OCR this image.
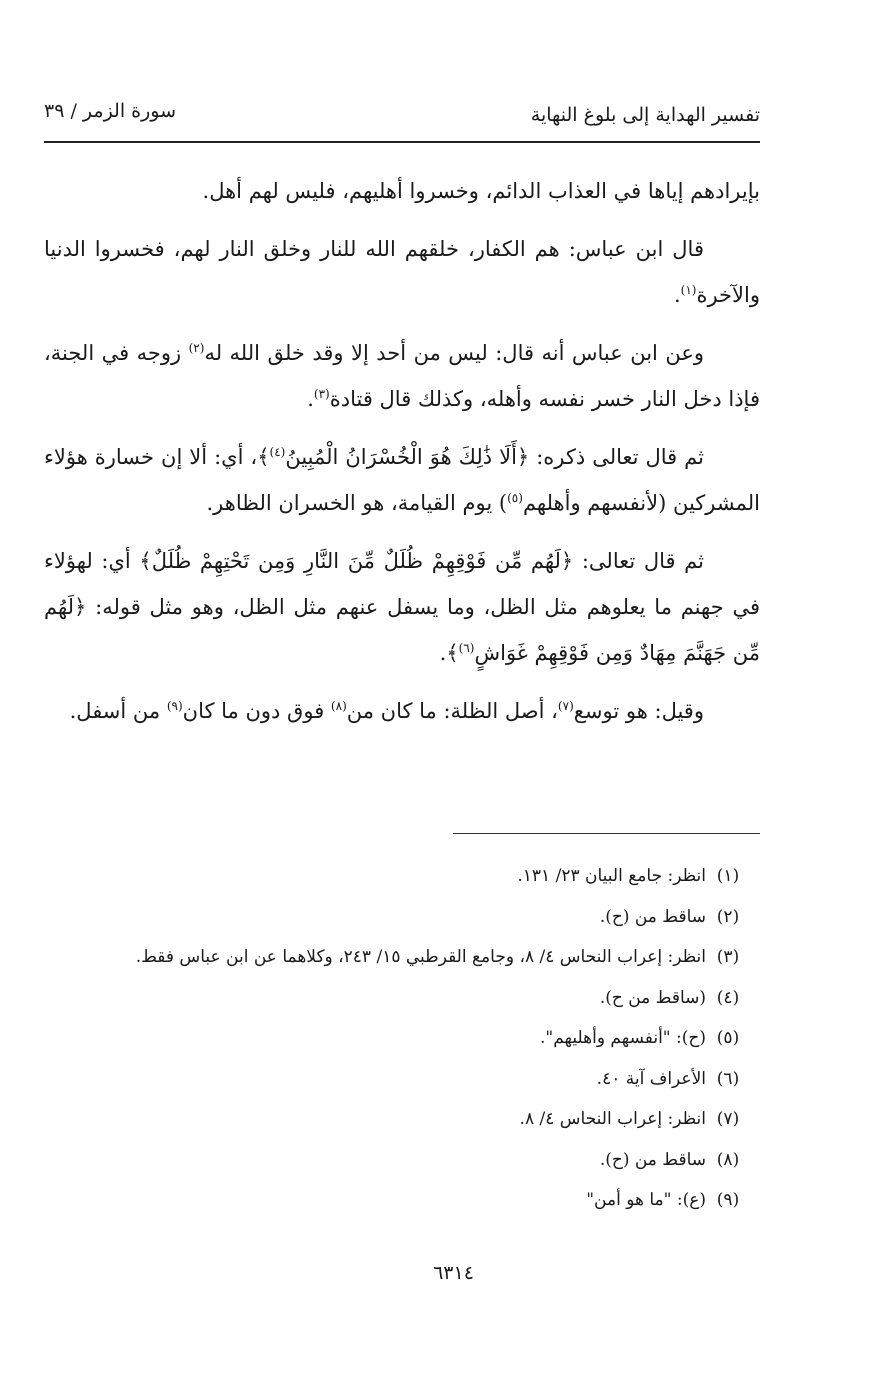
تفسير الهداية إلى بلوغ النهاية
سورة الزمر / ٣٩

بإيرادهم إياها في العذاب الدائم، وخسروا أهليهم، فليس لهم أهل.

قال ابن عباس: هم الكفار، خلقهم الله للنار وخلق النار لهم، فخسروا الدنيا والآخرة$^{(١)}$.

وعن ابن عباس أنه قال: ليس من أحد إلا وقد خلق الله له$^{(٢)}$ زوجه في الجنة، فإذا دخل النار خسر نفسه وأهله، وكذلك قال قتادة$^{(٣)}$.

ثم قال تعالى ذكره: ﴿أَلَا ذَٰلِكَ هُوَ الْخُسْرَانُ الْمُبِينُ$^{(٤)}$﴾، أي: ألا إن خسارة هؤلاء المشركين (لأنفسهم وأهلهم$^{(٥)}$) يوم القيامة، هو الخسران الظاهر.

ثم قال تعالى: ﴿لَهُم مِّن فَوْقِهِمْ ظُلَلٌ مِّنَ النَّارِ وَمِن تَحْتِهِمْ ظُلَلٌ﴾ أي: لهؤلاء في جهنم ما يعلوهم مثل الظل، وما يسفل عنهم مثل الظل، وهو مثل قوله: ﴿لَهُم مِّن جَهَنَّمَ مِهَادٌ وَمِن فَوْقِهِمْ غَوَاشٍ$^{(٦)}$﴾.

وقيل: هو توسع$^{(٧)}$، أصل الظلة: ما كان من$^{(٨)}$ فوق دون ما كان$^{(٩)}$ من أسفل.

(١)انظر: جامع البيان ٢٣/ ١٣١.
(٢)ساقط من (ح).
(٣)انظر: إعراب النحاس ٤/ ٨، وجامع القرطبي ١٥/ ٢٤٣، وكلاهما عن ابن عباس فقط.
(٤)(ساقط من ح).
(٥)(ح): "أنفسهم وأهليهم".
(٦)الأعراف آية ٤٠.
(٧)انظر: إعراب النحاس ٤/ ٨.
(٨)ساقط من (ح).
(٩)(ع): "ما هو أمن"
٦٣١٤
